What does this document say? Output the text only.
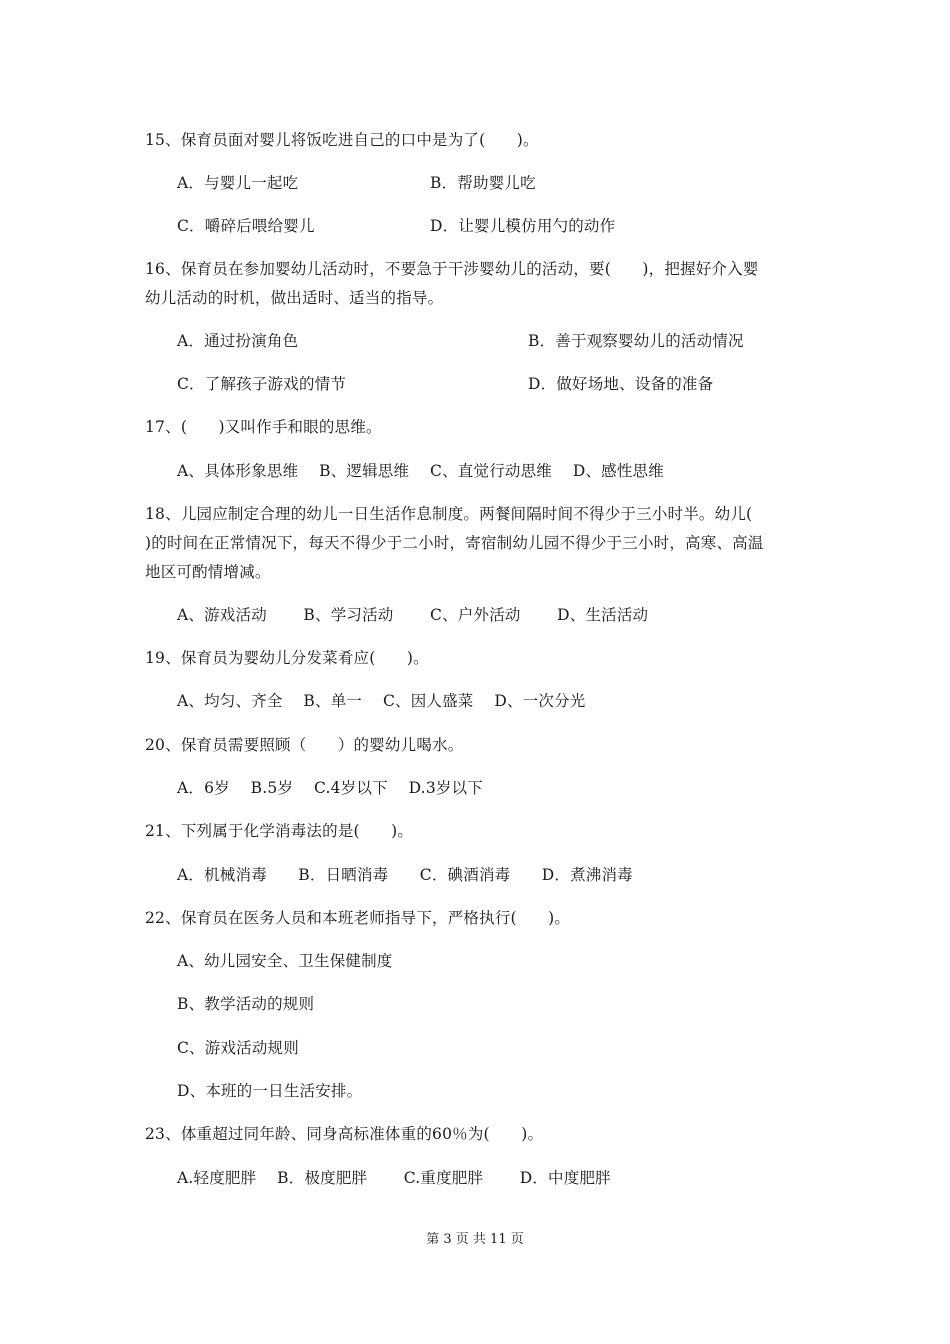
15、保育员面对婴儿将饭吃进自己的口中是为了(　　)。
A．与婴儿一起吃	B．帮助婴儿吃
C．嚼碎后喂给婴儿	D．让婴儿模仿用勺的动作
16、保育员在参加婴幼儿活动时，不要急于干涉婴幼儿的活动，要(　　)，把握好介入婴
幼儿活动的时机，做出适时、适当的指导。
A．通过扮演角色	B．善于观察婴幼儿的活动情况
C．了解孩子游戏的情节	D．做好场地、设备的准备
17、(　　)又叫作手和眼的思维。
A、具体形象思维　 B、逻辑思维　 C、直觉行动思维　 D、感性思维
18、儿园应制定合理的幼儿一日生活作息制度。两餐间隔时间不得少于三小时半。幼儿(
)的时间在正常情况下，每天不得少于二小时，寄宿制幼儿园不得少于三小时，高寒、高温
地区可酌情增减。
A、游戏活动　　 B、学习活动　　 C、户外活动　　 D、生活活动
19、保育员为婴幼儿分发菜肴应(　　)。
A、均匀、齐全　 B、单一　 C、因人盛菜　 D、一次分光
20、保育员需要照顾（　　）的婴幼儿喝水。
A．6岁　 B.5岁　 C.4岁以下　 D.3岁以下
21、下列属于化学消毒法的是(　　)。
A．机械消毒　　B．日晒消毒　　C．碘酒消毒　　D．煮沸消毒
22、保育员在医务人员和本班老师指导下，严格执行(　　)。
A、幼儿园安全、卫生保健制度
B、教学活动的规则
C、游戏活动规则
D、本班的一日生活安排。
23、体重超过同年龄、同身高标准体重的60％为(　　)。
A.轻度肥胖　 B．极度肥胖　　 C.重度肥胖　　 D．中度肥胖
第 3 页 共 11 页
